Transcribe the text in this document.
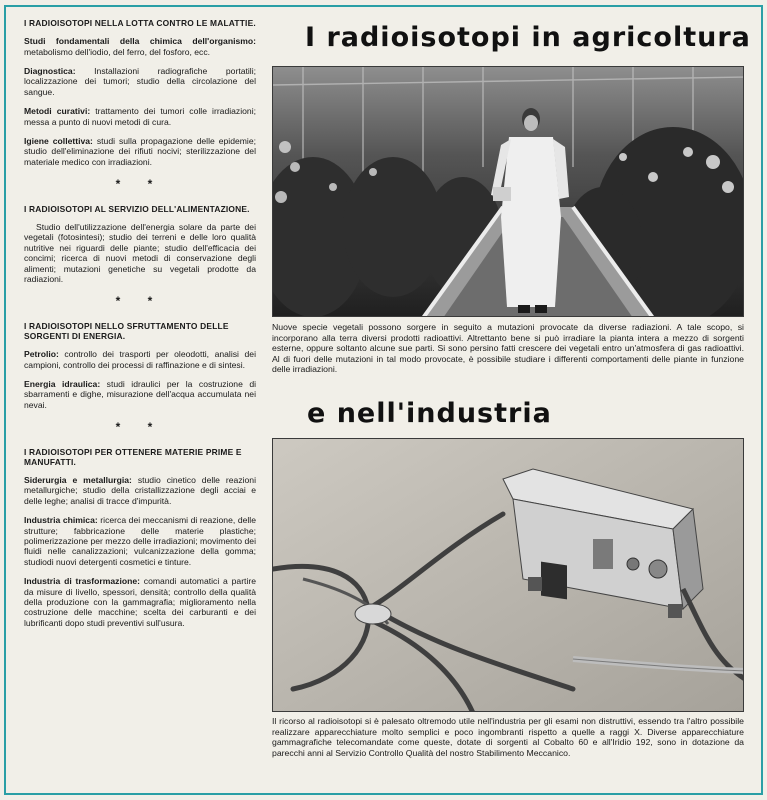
I RADIOISOTOPI NELLA LOTTA CONTRO LE MALATTIE.
Studi fondamentali della chimica dell'organismo: metabolismo dell'iodio, del ferro, del fosforo, ecc.
Diagnostica: Installazioni radiografiche portatili; localizzazione dei tumori; studio della circolazione del sangue.
Metodi curativi: trattamento dei tumori colle irradiazioni; messa a punto di nuovi metodi di cura.
Igiene collettiva: studi sulla propagazione delle epidemie; studio dell'eliminazione dei rifiuti nocivi; sterilizzazione del materiale medico con irradiazioni.
* *
I RADIOISOTOPI AL SERVIZIO DELL'ALIMENTAZIONE.
Studio dell'utilizzazione dell'energia solare da parte dei vegetali (fotosintesi); studio dei terreni e delle loro qualità nutritive nei riguardi delle piante; studio dell'efficacia dei concimi; ricerca di nuovi metodi di conservazione degli alimenti; mutazioni genetiche su vegetali prodotte da radiazioni.
* *
I RADIOISOTOPI NELLO SFRUTTAMENTO DELLE SORGENTI DI ENERGIA.
Petrolio: controllo dei trasporti per oleodotti, analisi dei campioni, controllo dei processi di raffinazione e di sintesi.
Energia idraulica: studi idraulici per la costruzione di sbarramenti e dighe, misurazione dell'acqua accumulata nei nevai.
* *
I RADIOISOTOPI PER OTTENERE MATERIE PRIME E MANUFATTI.
Siderurgia e metallurgia: studio cinetico delle reazioni metallurgiche; studio della cristallizzazione degli acciai e delle leghe; analisi di tracce d'impurità.
Industria chimica: ricerca dei meccanismi di reazione, delle strutture; fabbricazione delle materie plastiche; polimerizzazione per mezzo delle irradiazioni; movimento dei fluidi nelle canalizzazioni; vulcanizzazione della gomma; studiodi nuovi detergenti cosmetici e tinture.
Industria di trasformazione: comandi automatici a partire da misure di livello, spessori, densità; controllo della qualità della produzione con la gammagrafia; miglioramento nella costruzione delle macchine; scelta dei carburanti e dei lubrificanti dopo studi preventivi sull'usura.
I radioisotopi in agricoltura
Nuove specie vegetali possono sorgere in seguito a mutazioni provocate da diverse radiazioni. A tale scopo, si incorporano alla terra diversi prodotti radioattivi. Altrettanto bene si può irradiare la pianta intera a mezzo di sorgenti esterne, oppure soltanto alcune sue parti. Si sono persino fatti crescere dei vegetali entro un'atmosfera di gas radioattivi. Al di fuori delle mutazioni in tal modo provocate, è possibile studiare i differenti comportamenti delle piante in funzione delle irradiazioni.
e nell'industria
Il ricorso al radioisotopi si è palesato oltremodo utile nell'industria per gli esami non distruttivi, essendo tra l'altro possibile realizzare apparecchiature molto semplici e poco ingombranti rispetto a quelle a raggi X. Diverse apparecchiature gammagrafiche telecomandate come queste, dotate di sorgenti al Cobalto 60 e all'Iridio 192, sono in dotazione da parecchi anni al Servizio Controllo Qualità del nostro Stabilimento Meccanico.
